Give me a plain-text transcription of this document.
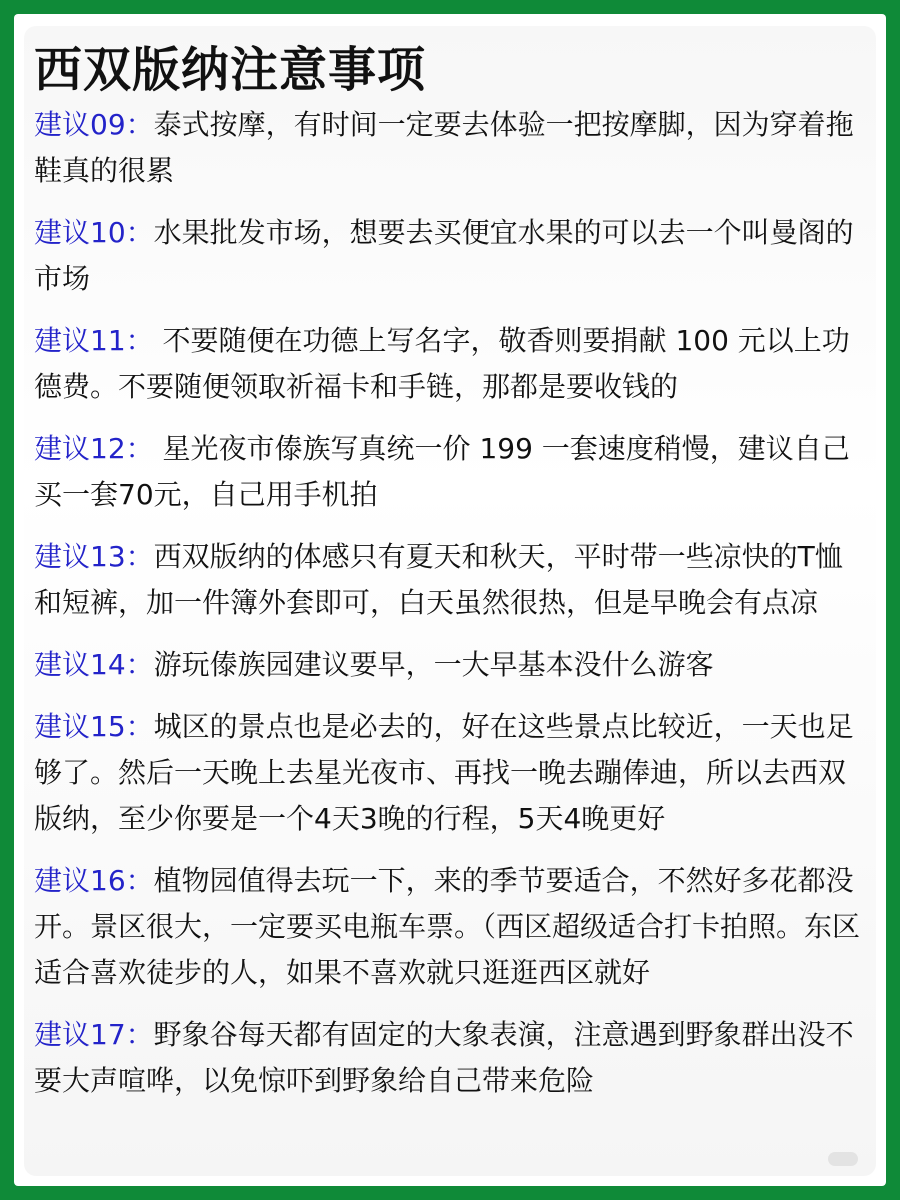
西双版纳注意事项
建议09：泰式按摩，有时间一定要去体验一把按摩脚，因为穿着拖鞋真的很累
建议10：水果批发市场，想要去买便宜水果的可以去一个叫曼阁的市场
建议11： 不要随便在功德上写名字，敬香则要捐献 100 元以上功德费。不要随便领取祈福卡和手链，那都是要收钱的
建议12： 星光夜市傣族写真统一价 199 一套速度稍慢，建议自己买一套70元，自己用手机拍
建议13：西双版纳的体感只有夏天和秋天，平时带一些凉快的T恤和短裤，加一件簿外套即可，白天虽然很热，但是早晚会有点凉
建议14：游玩傣族园建议要早，一大早基本没什么游客
建议15：城区的景点也是必去的，好在这些景点比较近，一天也足够了。然后一天晚上去星光夜市、再找一晚去蹦俸迪，所以去西双版纳，至少你要是一个4天3晚的行程，5天4晚更好
建议16：植物园值得去玩一下，来的季节要适合，不然好多花都没开。景区很大，一定要买电瓶车票。（西区超级适合打卡拍照。东区适合喜欢徒步的人，如果不喜欢就只逛逛西区就好
建议17：野象谷每天都有固定的大象表演，注意遇到野象群出没不要大声喧哗，以免惊吓到野象给自己带来危险
